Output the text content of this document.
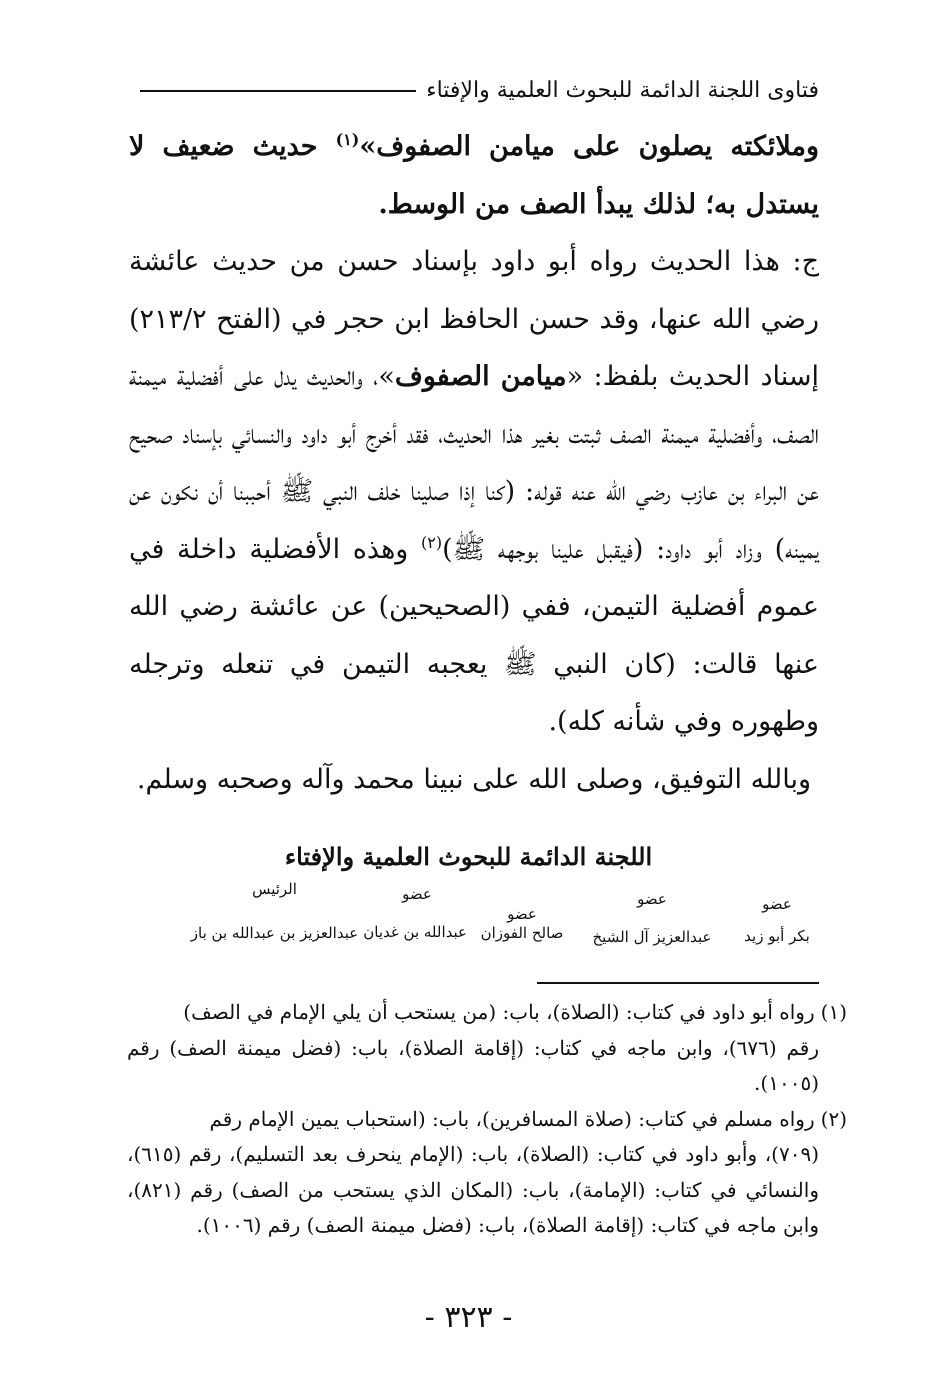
فتاوى اللجنة الدائمة للبحوث العلمية والإفتاء

وملائكته يصلون على ميامن الصفوف»$^{(١)}$ حديث ضعيف لا يستدل به؛ لذلك يبدأ الصف من الوسط.

ج: هذا الحديث رواه أبو داود بإسناد حسن من حديث عائشة رضي الله عنها، وقد حسن الحافظ ابن حجر في (الفتح ٢١٣/٢) إسناد الحديث بلفظ: «ميامن الصفوف»، والحديث يدل على أفضلية ميمنة الصف، وأفضلية ميمنة الصف ثبتت بغير هذا الحديث، فقد أخرج أبو داود والنسائي بإسناد صحيح عن البراء بن عازب رضي الله عنه قوله: (كنا إذا صلينا خلف النبي ﷺ أحببنا أن نكون عن يمينه) وزاد أبو داود: (فيقبل علينا بوجهه ﷺ)$^{(٢)}$ وهذه الأفضلية داخلة في عموم أفضلية التيمن، ففي (الصحيحين) عن عائشة رضي الله عنها قالت: (كان النبي ﷺ يعجبه التيمن في تنعله وترجله وطهوره وفي شأنه كله).

وبالله التوفيق، وصلى الله على نبينا محمد وآله وصحبه وسلم.

اللجنة الدائمة للبحوث العلمية والإفتاء
عضو
بكر أبو زيد
عضو
عبدالعزيز آل الشيخ
عضو
صالح الفوزان
عضو
عبدالله بن غديان
الرئيس
عبدالعزيز بن عبدالله بن باز

(١)رواه أبو داود في كتاب: (الصلاة)، باب: (من يستحب أن يلي الإمام في الصف)
رقم (٦٧٦)، وابن ماجه في كتاب: (إقامة الصلاة)، باب: (فضل ميمنة الصف) رقم (١٠٠٥).

(٢)رواه مسلم في كتاب: (صلاة المسافرين)، باب: (استحباب يمين الإمام رقم
(٧٠٩)، وأبو داود في كتاب: (الصلاة)، باب: (الإمام ينحرف بعد التسليم)، رقم (٦١٥)، والنسائي في كتاب: (الإمامة)، باب: (المكان الذي يستحب من الصف) رقم (٨٢١)، وابن ماجه في كتاب: (إقامة الصلاة)، باب: (فضل ميمنة الصف) رقم (١٠٠٦).

- ٣٢٣ -
